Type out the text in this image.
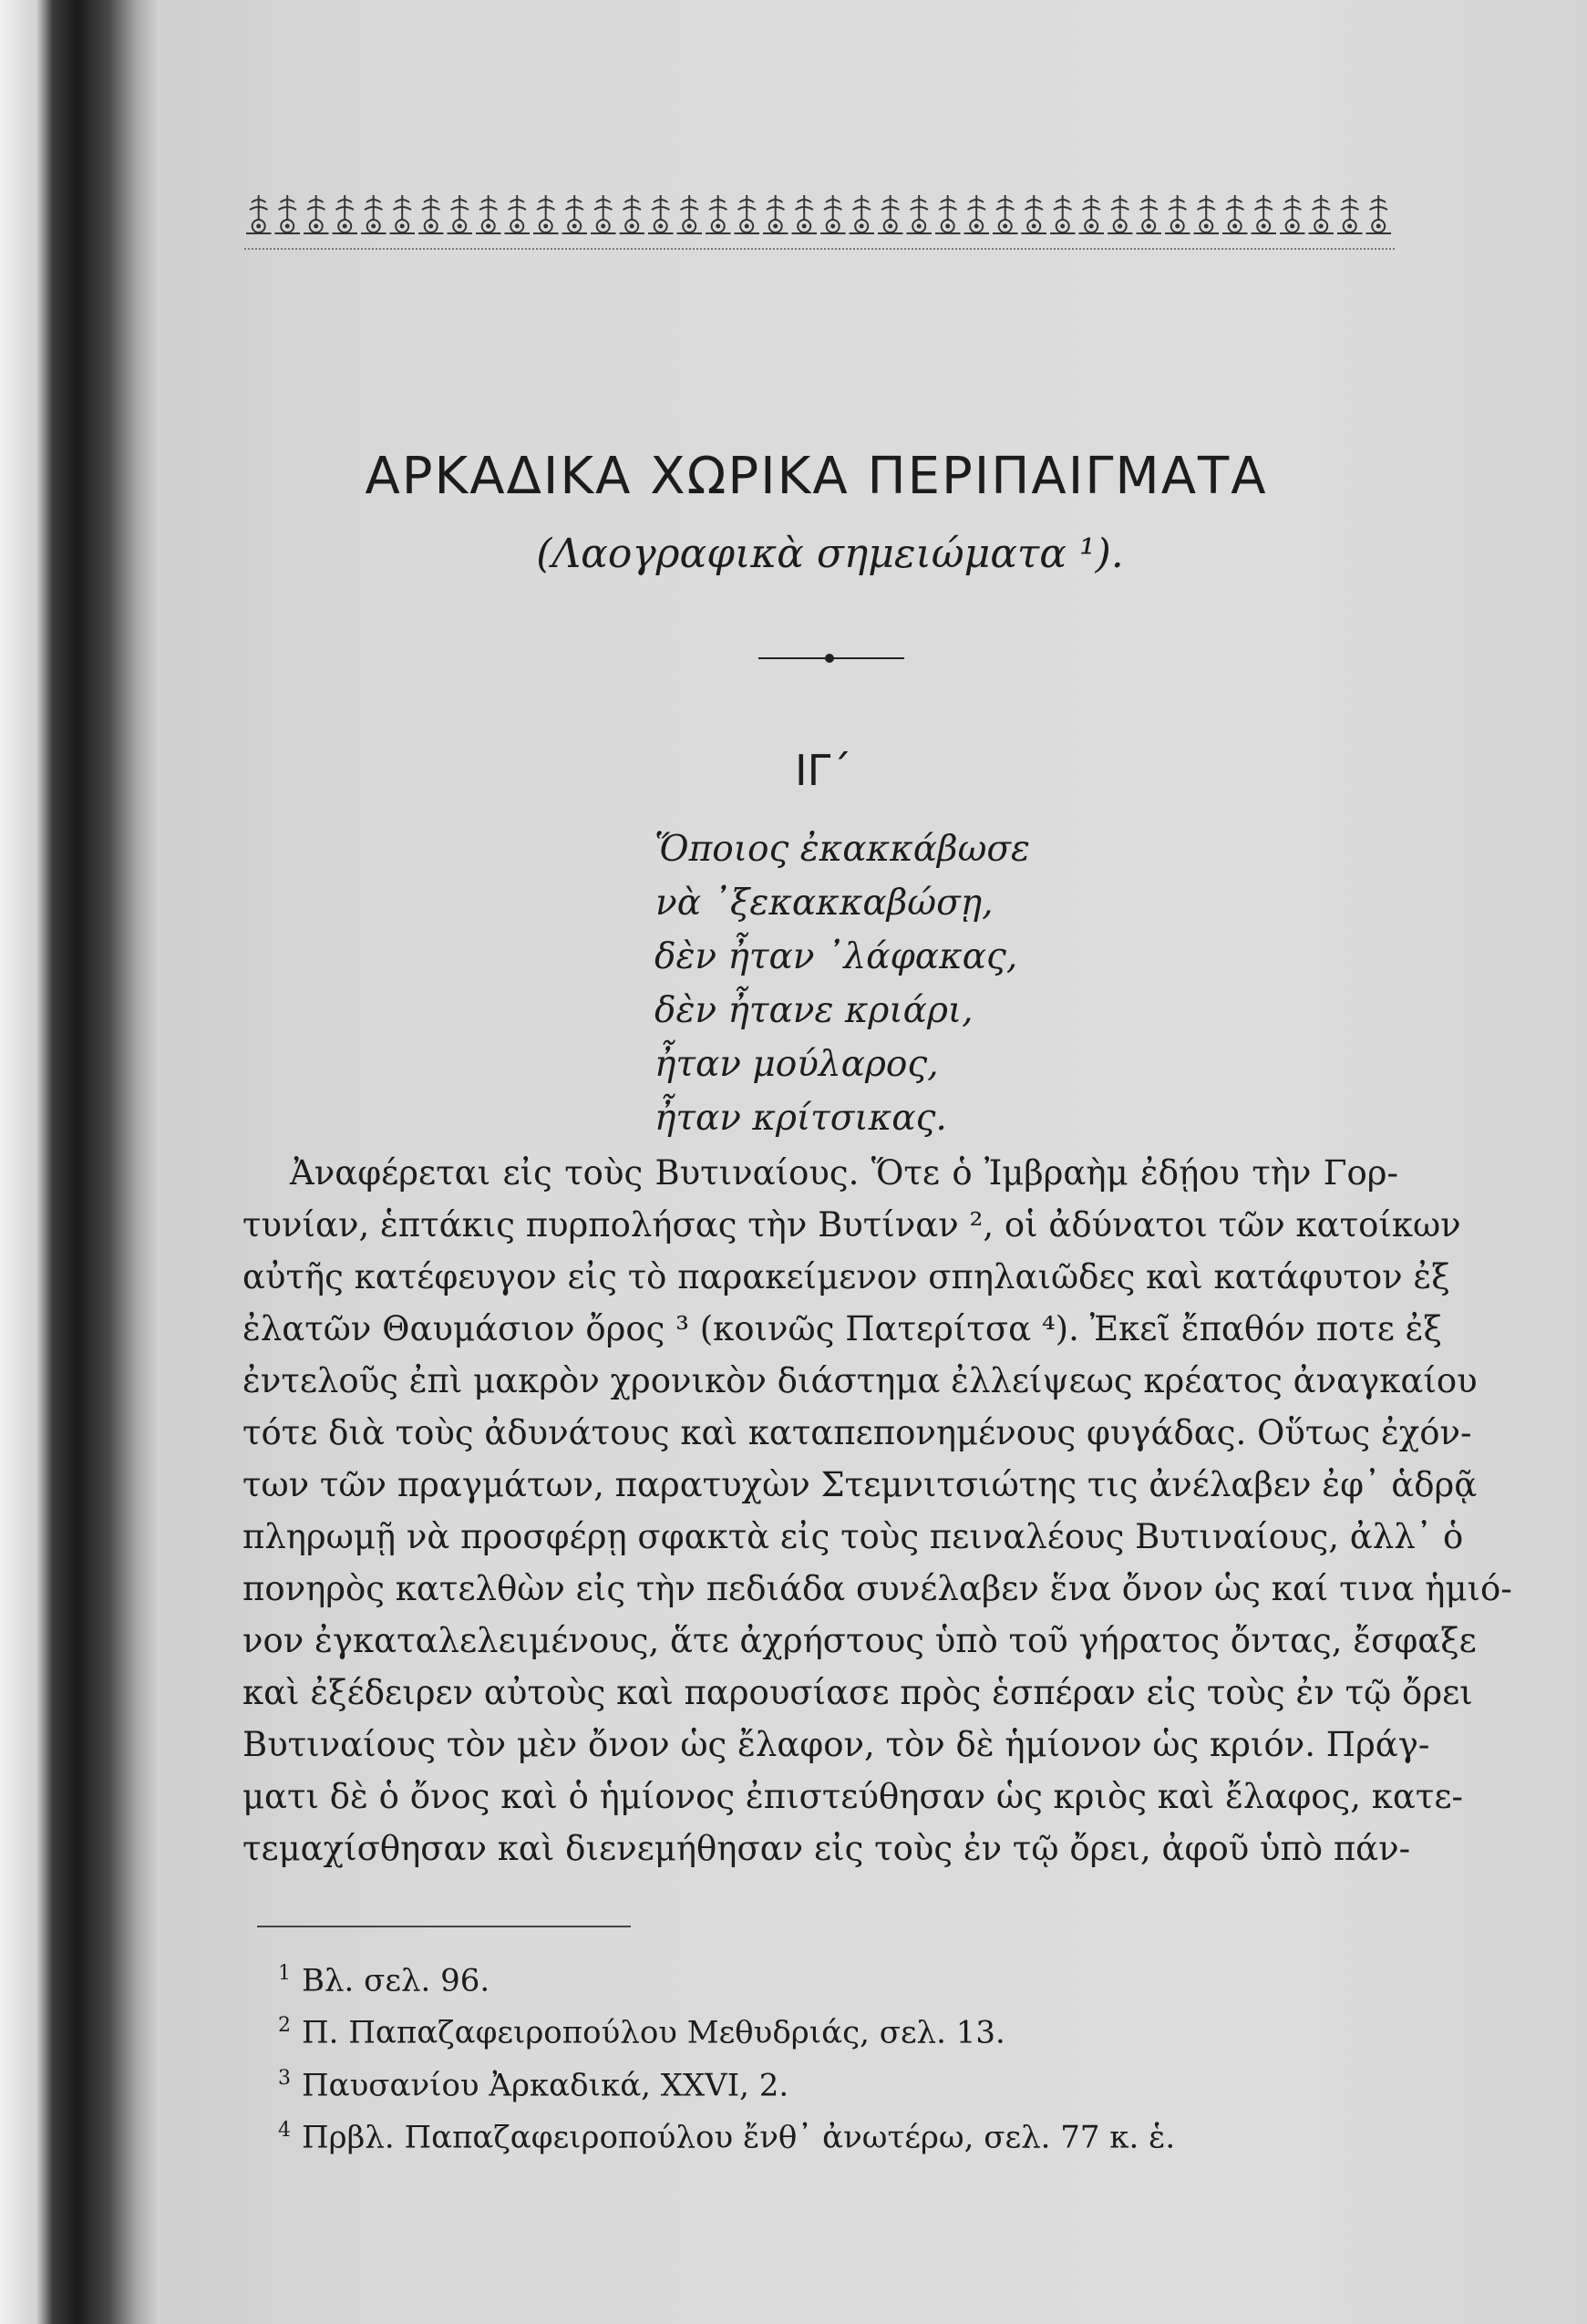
ΑΡΚΑΔΙΚΑ ΧΩΡΙΚΑ ΠΕΡΙΠΑΙΓΜΑΤΑ
(Λαογραφικὰ σημειώματα ¹).
ΙΓ΄
Ὅποιος ἐκακκάβωσε
νὰ ᾿ξεκακκαβώσῃ,
δὲν ἦταν ᾿λάφακας,
δὲν ἦτανε κριάρι,
ἦταν μούλαρος,
ἦταν κρίτσικας.
Ἀναφέρεται εἰς τοὺς Βυτιναίους. Ὅτε ὁ Ἰμβραὴμ ἐδῄου τὴν Γορ-
τυνίαν, ἑπτάκις πυρπολήσας τὴν Βυτίναν ², οἱ ἀδύνατοι τῶν κατοίκων
αὐτῆς κατέφευγον εἰς τὸ παρακείμενον σπηλαιῶδες καὶ κατάφυτον ἐξ
ἐλατῶν Θαυμάσιον ὄρος ³ (κοινῶς Πατερίτσα ⁴). Ἐκεῖ ἔπαθόν ποτε ἐξ
ἐντελοῦς ἐπὶ μακρὸν χρονικὸν διάστημα ἐλλείψεως κρέατος ἀναγκαίου
τότε διὰ τοὺς ἀδυνάτους καὶ καταπεπονημένους φυγάδας. Οὕτως ἐχόν-
των τῶν πραγμάτων, παρατυχὼν Στεμνιτσιώτης τις ἀνέλαβεν ἐφ᾿ ἁδρᾷ
πληρωμῇ νὰ προσφέρῃ σφακτὰ εἰς τοὺς πειναλέους Βυτιναίους, ἀλλ᾿ ὁ
πονηρὸς κατελθὼν εἰς τὴν πεδιάδα συνέλαβεν ἕνα ὄνον ὡς καί τινα ἡμιό-
νον ἐγκαταλελειμένους, ἅτε ἀχρήστους ὑπὸ τοῦ γήρατος ὄντας, ἔσφαξε
καὶ ἐξέδειρεν αὐτοὺς καὶ παρουσίασε πρὸς ἑσπέραν εἰς τοὺς ἐν τῷ ὄρει
Βυτιναίους τὸν μὲν ὄνον ὡς ἔλαφον, τὸν δὲ ἡμίονον ὡς κριόν. Πράγ-
ματι δὲ ὁ ὄνος καὶ ὁ ἡμίονος ἐπιστεύθησαν ὡς κριὸς καὶ ἔλαφος, κατε-
τεμαχίσθησαν καὶ διενεμήθησαν εἰς τοὺς ἐν τῷ ὄρει, ἀφοῦ ὑπὸ πάν-
1 Βλ. σελ. 96.
2 Π. Παπαζαφειροπούλου Μεθυδριάς, σελ. 13.
3 Παυσανίου Ἀρκαδικά, XXVI, 2.
4 Πρβλ. Παπαζαφειροπούλου ἔνθ᾿ ἀνωτέρω, σελ. 77 κ. ἑ.
